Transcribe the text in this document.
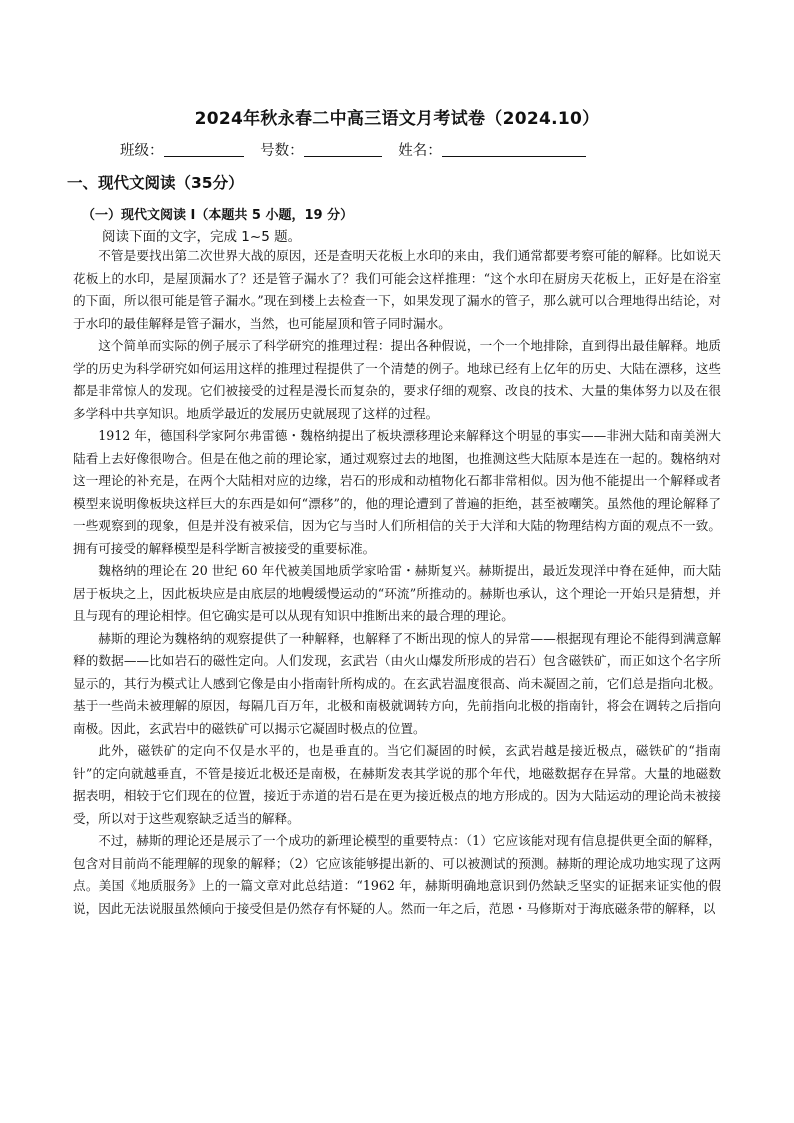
2024年秋永春二中高三语文月考试卷（2024.10）
班级：	号数：	姓名：
一、现代文阅读（35分）
（一）现代文阅读 I（本题共 5 小题，19 分）
阅读下面的文字，完成 1~5 题。

不管是要找出第二次世界大战的原因，还是查明天花板上水印的来由，我们通常都要考察可能的解释。比如说天花板上的水印，是屋顶漏水了？还是管子漏水了？我们可能会这样推理：“这个水印在厨房天花板上，正好是在浴室的下面，所以很可能是管子漏水。”现在到楼上去检查一下，如果发现了漏水的管子，那么就可以合理地得出结论，对于水印的最佳解释是管子漏水，当然，也可能屋顶和管子同时漏水。

这个简单而实际的例子展示了科学研究的推理过程：提出各种假说，一个一个地排除，直到得出最佳解释。地质学的历史为科学研究如何运用这样的推理过程提供了一个清楚的例子。地球已经有上亿年的历史、大陆在漂移，这些都是非常惊人的发现。它们被接受的过程是漫长而复杂的，要求仔细的观察、改良的技术、大量的集体努力以及在很多学科中共享知识。地质学最近的发展历史就展现了这样的过程。

1912 年，德国科学家阿尔弗雷德・魏格纳提出了板块漂移理论来解释这个明显的事实——非洲大陆和南美洲大陆看上去好像很吻合。但是在他之前的理论家，通过观察过去的地图，也推测这些大陆原本是连在一起的。魏格纳对这一理论的补充是，在两个大陆相对应的边缘，岩石的形成和动植物化石都非常相似。因为他不能提出一个解释或者模型来说明像板块这样巨大的东西是如何“漂移”的，他的理论遭到了普遍的拒绝，甚至被嘲笑。虽然他的理论解释了一些观察到的现象，但是并没有被采信，因为它与当时人们所相信的关于大洋和大陆的物理结构方面的观点不一致。拥有可接受的解释模型是科学断言被接受的重要标准。

魏格纳的理论在 20 世纪 60 年代被美国地质学家哈雷・赫斯复兴。赫斯提出，最近发现洋中脊在延伸，而大陆居于板块之上，因此板块应是由底层的地幔缓慢运动的“环流”所推动的。赫斯也承认，这个理论一开始只是猜想，并且与现有的理论相悖。但它确实是可以从现有知识中推断出来的最合理的理论。

赫斯的理论为魏格纳的观察提供了一种解释，也解释了不断出现的惊人的异常——根据现有理论不能得到满意解释的数据——比如岩石的磁性定向。人们发现，玄武岩（由火山爆发所形成的岩石）包含磁铁矿，而正如这个名字所显示的，其行为模式让人感到它像是由小指南针所构成的。在玄武岩温度很高、尚未凝固之前，它们总是指向北极。基于一些尚未被理解的原因，每隔几百万年，北极和南极就调转方向，先前指向北极的指南针，将会在调转之后指向南极。因此，玄武岩中的磁铁矿可以揭示它凝固时极点的位置。

此外，磁铁矿的定向不仅是水平的，也是垂直的。当它们凝固的时候，玄武岩越是接近极点，磁铁矿的“指南针”的定向就越垂直，不管是接近北极还是南极，在赫斯发表其学说的那个年代，地磁数据存在异常。大量的地磁数据表明，相较于它们现在的位置，接近于赤道的岩石是在更为接近极点的地方形成的。因为大陆运动的理论尚未被接受，所以对于这些观察缺乏适当的解释。

不过，赫斯的理论还是展示了一个成功的新理论模型的重要特点：（1）它应该能对现有信息提供更全面的解释，包含对目前尚不能理解的现象的解释；（2）它应该能够提出新的、可以被测试的预测。赫斯的理论成功地实现了这两点。美国《地质服务》上的一篇文章对此总结道：“1962 年，赫斯明确地意识到仍然缺乏坚实的证据来证实他的假说，因此无法说服虽然倾向于接受但是仍然存有怀疑的人。然而一年之后，范恩・马修斯对于海底磁条带的解释，以
